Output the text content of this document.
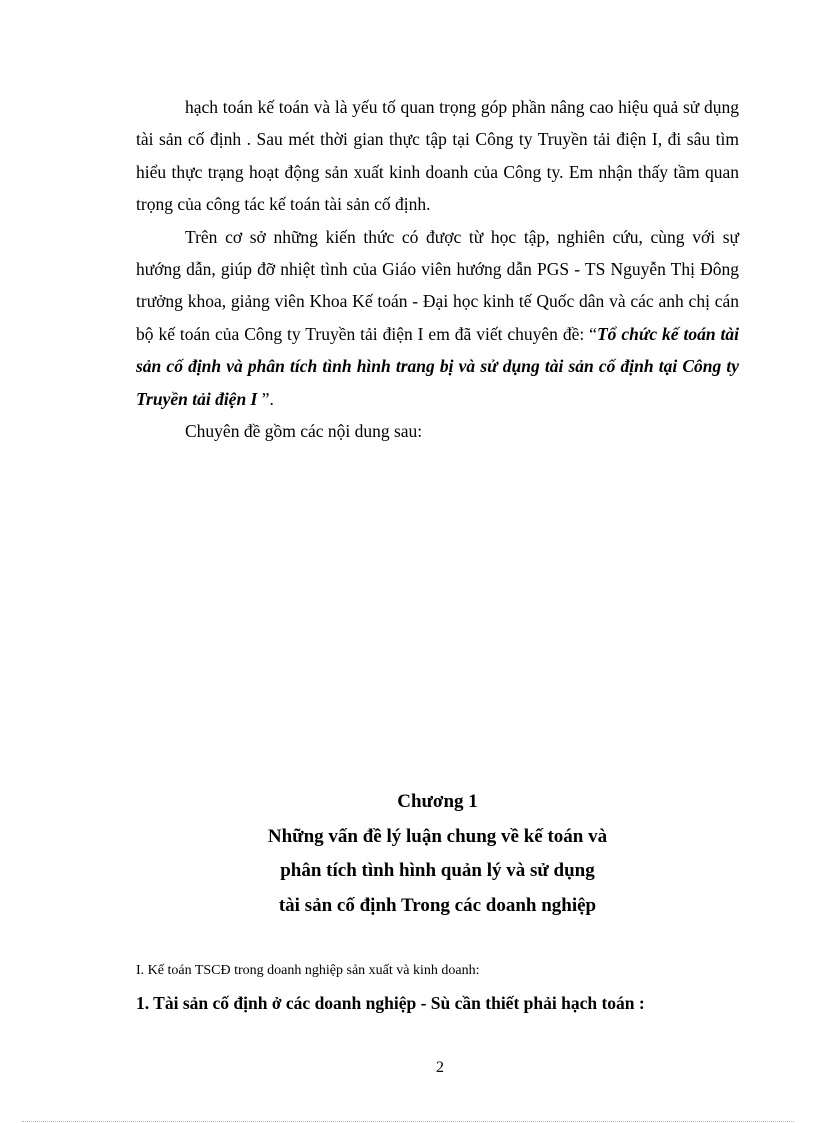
hạch toán kế toán và là yếu tố quan trọng góp phần nâng cao hiệu quả sử dụng tài sản cố định . Sau mét thời gian thực tập tại Công ty Truyền tải điện I, đi sâu tìm hiểu thực trạng hoạt động sản xuất kinh doanh của Công ty. Em nhận thấy tầm quan trọng của công tác kế toán tài sản cố định.

Trên cơ sở những kiến thức có được từ học tập, nghiên cứu, cùng với sự hướng dẫn, giúp đỡ nhiệt tình của Giáo viên hướng dẫn PGS - TS Nguyễn Thị Đông trưởng khoa, giảng viên Khoa Kế toán - Đại học kinh tế Quốc dân và các anh chị cán bộ kế toán của Công ty Truyền tải điện I em đã viết chuyên đề: “Tổ chức kế toán tài sản cố định và phân tích tình hình trang bị và sử dụng tài sản cố định tại Công ty Truyền tải điện I ”.

Chuyên đề gồm các nội dung sau:

Chương 1
Những vấn đề lý luận chung về kế toán và
phân tích tình hình quản lý và sử dụng
tài sản cố định Trong các doanh nghiệp
I. Kế toán TSCĐ trong doanh nghiệp sản xuất và kinh doanh:
1. Tài sản cố định ở các doanh nghiệp - Sù cần thiết phải hạch toán :
2
